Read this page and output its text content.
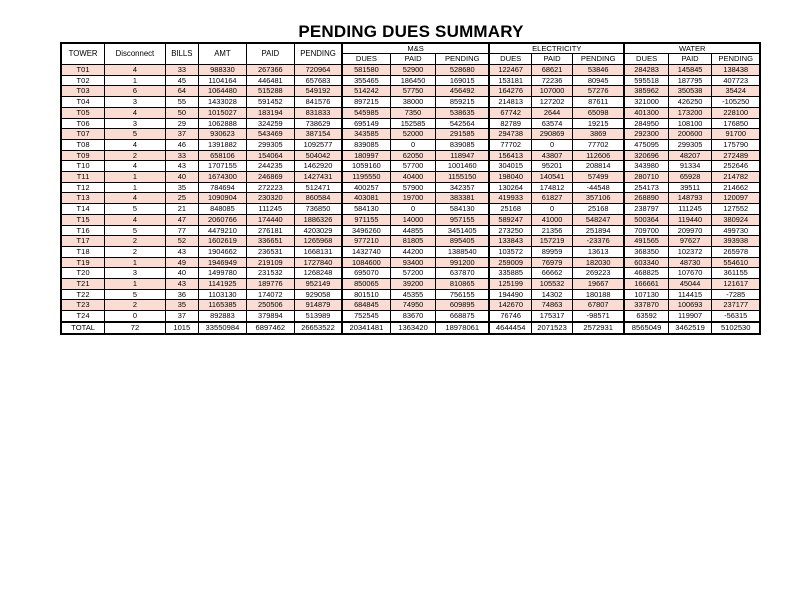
PENDING DUES SUMMARY
TOWER	Disconnect	BILLS	AMT	PAID	PENDING	M&S			ELECTRICITY			WATER		
						DUES	PAID	PENDING	DUES	PAID	PENDING	DUES	PAID	PENDING
T01	4	33	988330	267366	720964	581580	52900	528680	122467	68621	53846	284283	145845	138438
T02	1	45	1104164	446481	657683	355465	186450	169015	153181	72236	80945	595518	187795	407723
T03	6	64	1064480	515288	549192	514242	57750	456492	164276	107000	57276	385962	350538	35424
T04	3	55	1433028	591452	841576	897215	38000	859215	214813	127202	87611	321000	426250	-105250
T05	4	50	1015027	183194	831833	545985	7350	538635	67742	2644	65098	401300	173200	228100
T06	3	29	1062888	324259	738629	695149	152585	542564	82789	63574	19215	284950	108100	176850
T07	5	37	930623	543469	387154	343585	52000	291585	294738	290869	3869	292300	200600	91700
T08	4	46	1391882	299305	1092577	839085	0	839085	77702	0	77702	475095	299305	175790
T09	2	33	658106	154064	504042	180997	62050	118947	156413	43807	112606	320696	48207	272489
T10	4	43	1707155	244235	1462920	1059160	57700	1001460	304015	95201	208814	343980	91334	252646
T11	1	40	1674300	246869	1427431	1195550	40400	1155150	198040	140541	57499	280710	65928	214782
T12	1	35	784694	272223	512471	400257	57900	342357	130264	174812	-44548	254173	39511	214662
T13	4	25	1090904	230320	860584	403081	19700	383381	419933	61827	357106	268890	148793	120097
T14	5	21	848085	111245	736850	584130	0	584130	25168	0	25168	238797	111245	127552
T15	4	47	2060766	174440	1886326	971155	14000	957155	589247	41000	548247	500364	119440	380924
T16	5	77	4479210	276181	4203029	3496260	44855	3451405	273250	21356	251894	709700	209970	499730
T17	2	52	1602619	336651	1265968	977210	81805	895405	133843	157219	-23376	491565	97627	393938
T18	2	43	1904662	236531	1668131	1432740	44200	1388540	103572	89959	13613	368350	102372	265978
T19	1	49	1946949	219109	1727840	1084600	93400	991200	259009	76979	182030	603340	48730	554610
T20	3	40	1499780	231532	1268248	695070	57200	637870	335885	66662	269223	468825	107670	361155
T21	1	43	1141925	189776	952149	850065	39200	810865	125199	105532	19667	166661	45044	121617
T22	5	36	1103130	174072	929058	801510	45355	756155	194490	14302	180188	107130	114415	-7285
T23	2	35	1165385	250506	914879	684845	74950	609895	142670	74863	67807	337870	100693	237177
T24	0	37	892883	379894	513989	752545	83670	668875	76746	175317	-98571	63592	119907	-56315
TOTAL	72	1015	33550984	6897462	26653522	20341481	1363420	18978061	4644454	2071523	2572931	8565049	3462519	5102530
